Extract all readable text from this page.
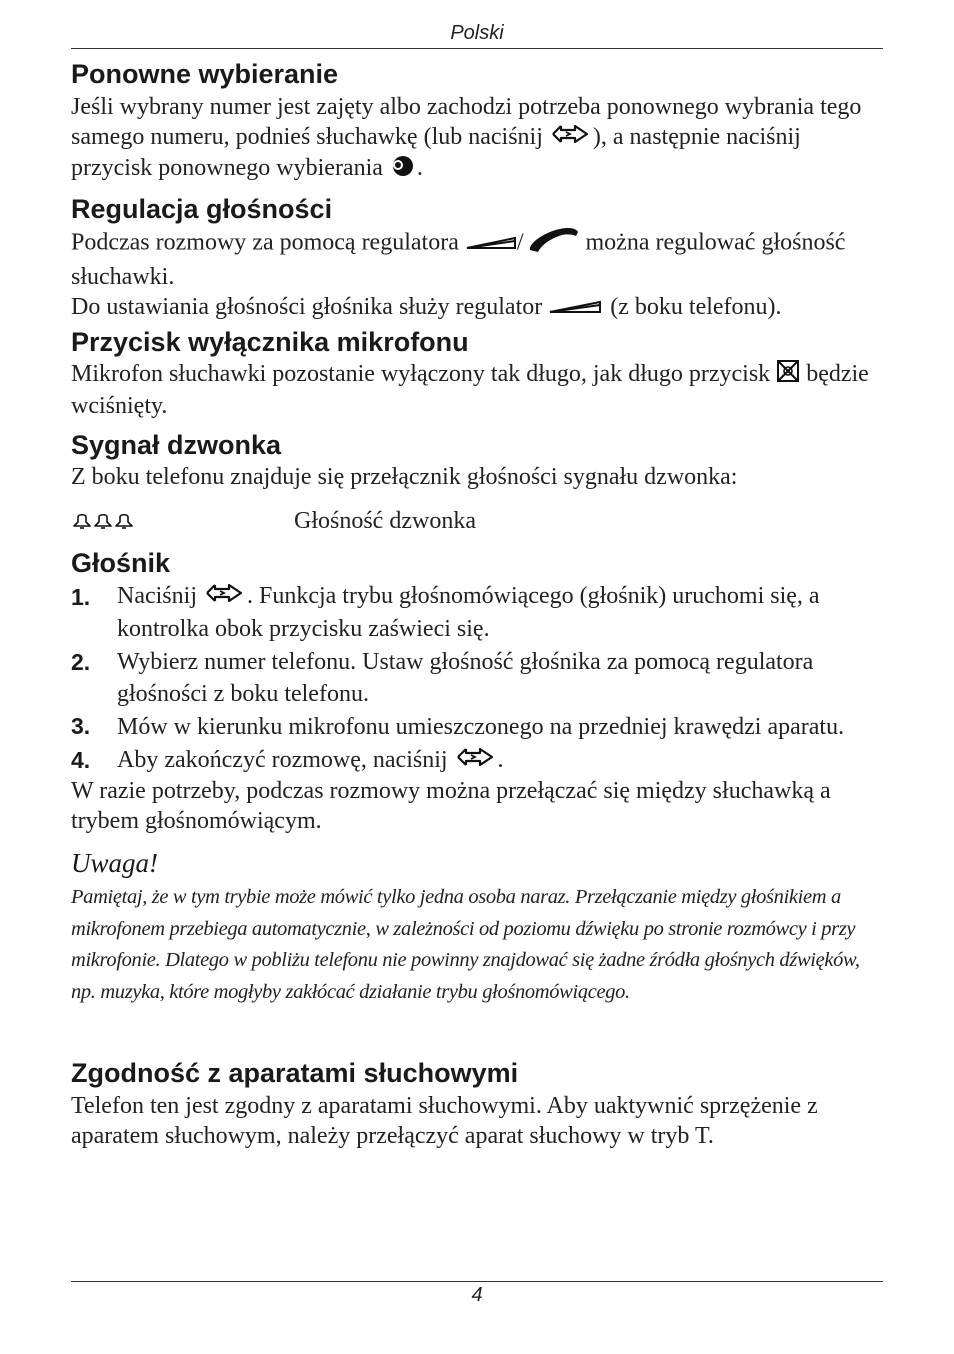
Polski
Ponowne wybieranie

Jeśli wybrany numer jest zajęty albo zachodzi potrzeba ponownego wybrania tego samego numeru, podnieś słuchawkę (lub naciśnij ), a następnie naciśnij przycisk ponownego wybierania .

Regulacja głośności

Podczas rozmowy za pomocą regulatora / można regulować głośność słuchawki.
Do ustawiania głośności głośnika służy regulator  (z boku telefonu).

Przycisk wyłącznika mikrofonu

Mikrofon słuchawki pozostanie wyłączony tak długo, jak długo przycisk  będzie wciśnięty.

Sygnał dzwonka

Z boku telefonu znajduje się przełącznik głośności sygnału dzwonka:

Głośność dzwonka

Głośnik
1. Naciśnij . Funkcja trybu głośnomówiącego (głośnik) uruchomi się, a kontrolka obok przycisku zaświeci się.

2. Wybierz numer telefonu. Ustaw głośność głośnika za pomocą regulatora głośności z boku telefonu.

3. Mów w kierunku mikrofonu umieszczonego na przedniej krawędzi aparatu.

4. Aby zakończyć rozmowę, naciśnij .

W razie potrzeby, podczas rozmowy można przełączać się między słuchawką a trybem głośnomówiącym.

Uwaga!

Pamiętaj, że w tym trybie może mówić tylko jedna osoba naraz. Przełączanie między głośnikiem a mikrofonem przebiega automatycznie, w zależności od poziomu dźwięku po stronie rozmówcy i przy mikrofonie. Dlatego w pobliżu telefonu nie powinny znajdować się żadne źródła głośnych dźwięków, np. muzyka, które mogłyby zakłócać działanie trybu głośnomówiącego.

Zgodność z aparatami słuchowymi

Telefon ten jest zgodny z aparatami słuchowymi. Aby uaktywnić sprzężenie z aparatem słuchowym, należy przełączyć aparat słuchowy w tryb T.

4
